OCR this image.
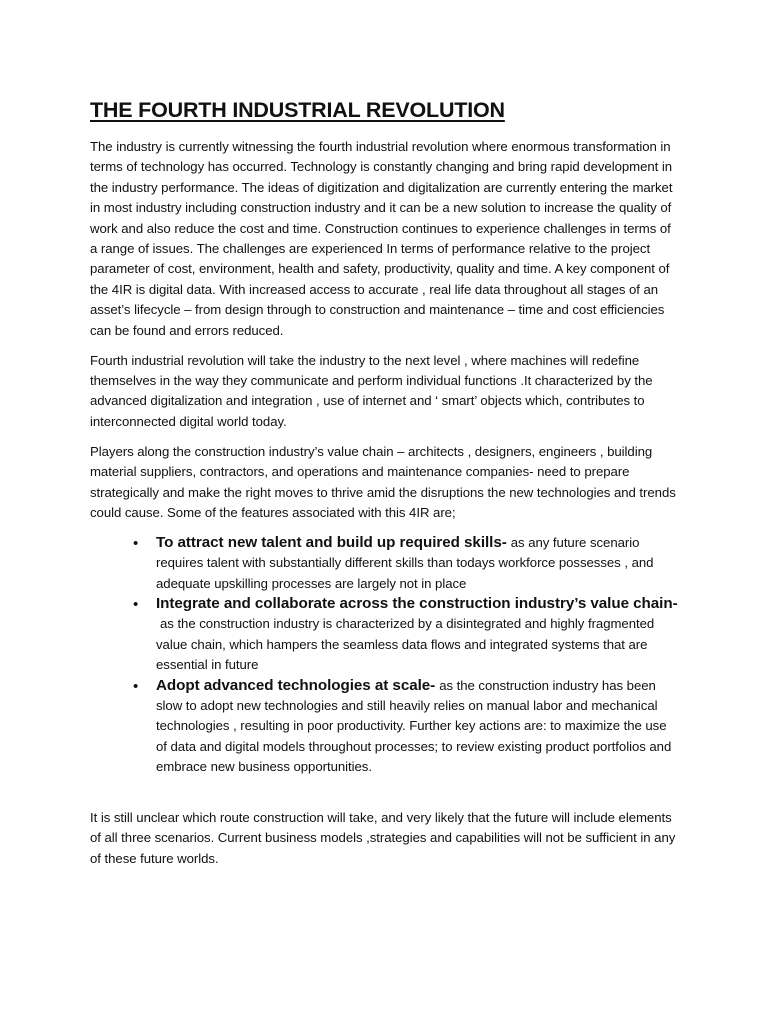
THE FOURTH INDUSTRIAL REVOLUTION

The industry is currently witnessing the fourth industrial revolution where enormous transformation in terms of technology has occurred. Technology is constantly changing and bring rapid development in the industry performance. The ideas of digitization and digitalization are currently entering the market in most industry including construction industry and it can be a new solution to increase the quality of work and also reduce the cost and time. Construction continues to experience challenges in terms of a range of issues. The challenges are experienced In terms of performance relative to the project parameter of cost, environment, health and safety, productivity, quality and time. A key component of the 4IR is digital data. With increased access to accurate , real life data throughout all stages of an asset’s lifecycle – from design through to construction and maintenance – time and cost efficiencies can be found and errors reduced.

Fourth industrial revolution will take the industry to the next level , where machines will redefine themselves in the way they communicate and perform individual functions .It characterized by the advanced digitalization and integration , use of internet and ‘ smart’ objects which, contributes to interconnected digital world today.

Players along the construction industry’s value chain – architects , designers, engineers , building material suppliers, contractors, and operations and maintenance companies- need to prepare strategically and make the right moves to thrive amid the disruptions the new technologies and trends could cause. Some of the features associated with this 4IR are;

• To attract new talent and build up required skills- as any future scenario requires talent with substantially different skills than todays workforce possesses , and adequate upskilling processes are largely not in place
• Integrate and collaborate across the construction industry’s value chain-as the construction industry is characterized by a disintegrated and highly fragmented value chain, which hampers the seamless data flows and integrated systems that are essential in future
• Adopt advanced technologies at scale- as the construction industry has been slow to adopt new technologies and still heavily relies on manual labor and mechanical technologies , resulting in poor productivity. Further key actions are: to maximize the use of data and digital models throughout processes; to review existing product portfolios and embrace new business opportunities.

It is still unclear which route construction will take, and very likely that the future will include elements of all three scenarios. Current business models ,strategies and capabilities will not be sufficient in any of these future worlds.
